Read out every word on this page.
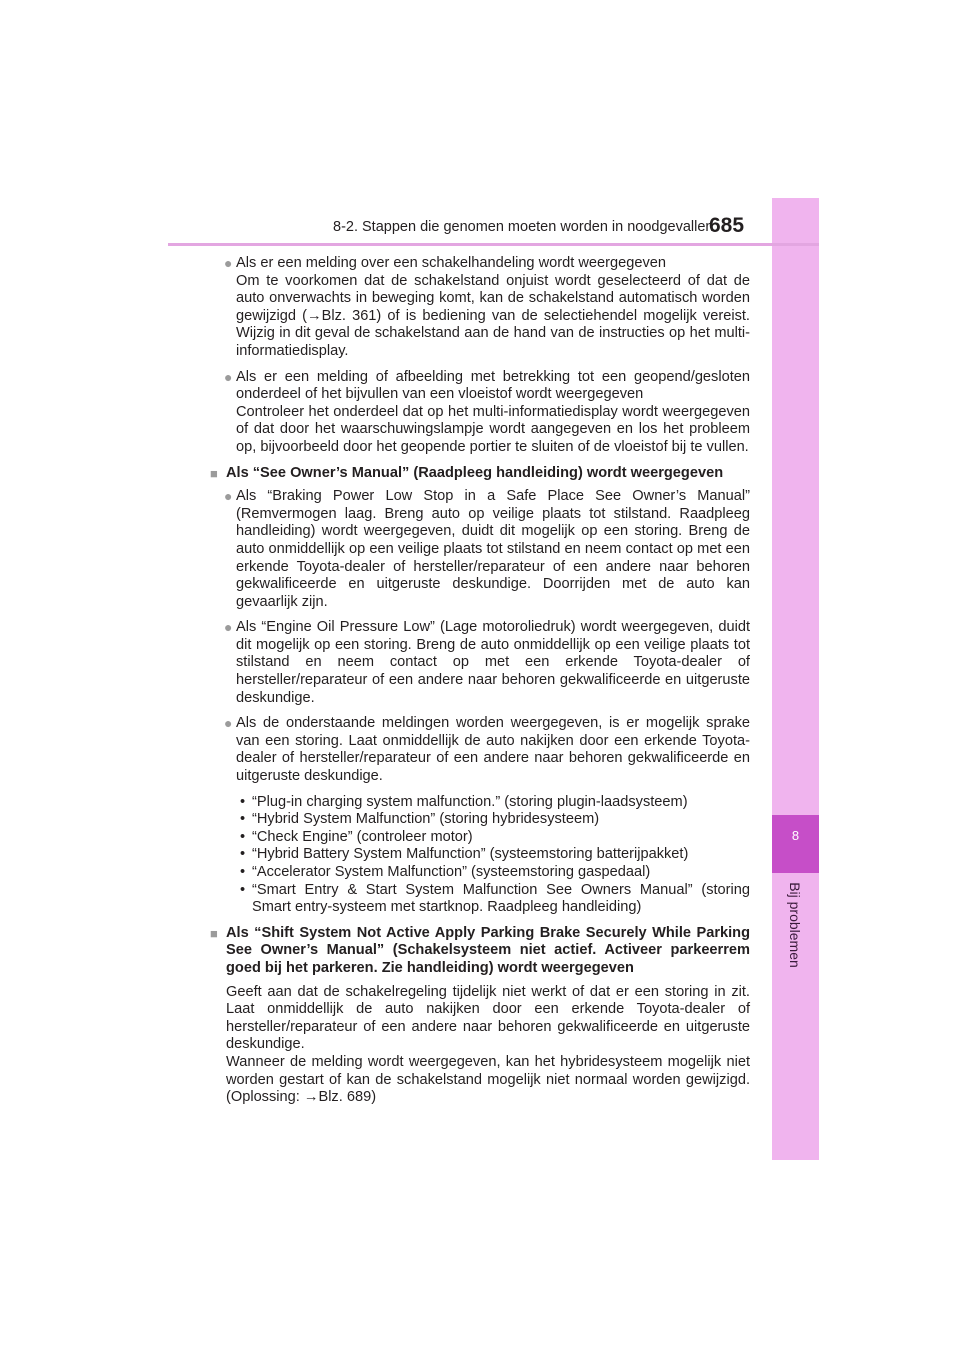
8
Bij problemen
8-2. Stappen die genomen moeten worden in noodgevallen
685
● Als er een melding over een schakelhandeling wordt weergegeven

Om te voorkomen dat de schakelstand onjuist wordt geselecteerd of dat de auto onverwachts in beweging komt, kan de schakelstand automatisch worden gewijzigd (→Blz. 361) of is bediening van de selectiehendel mogelijk vereist. Wijzig in dit geval de schakelstand aan de hand van de instructies op het multi-informatiedisplay.

● Als er een melding of afbeelding met betrekking tot een geopend/gesloten onderdeel of het bijvullen van een vloeistof wordt weergegeven

Controleer het onderdeel dat op het multi-informatiedisplay wordt weergegeven of dat door het waarschuwingslampje wordt aangegeven en los het probleem op, bijvoorbeeld door het geopende portier te sluiten of de vloeistof bij te vullen.

■ Als “See Owner’s Manual” (Raadpleeg handleiding) wordt weergegeven

● Als “Braking Power Low Stop in a Safe Place See Owner’s Manual” (Remvermogen laag. Breng auto op veilige plaats tot stilstand. Raadpleeg handleiding) wordt weergegeven, duidt dit mogelijk op een storing. Breng de auto onmiddellijk op een veilige plaats tot stilstand en neem contact op met een erkende Toyota-dealer of hersteller/reparateur of een andere naar behoren gekwalificeerde en uitgeruste deskundige. Doorrijden met de auto kan gevaarlijk zijn.

● Als “Engine Oil Pressure Low” (Lage motoroliedruk) wordt weergegeven, duidt dit mogelijk op een storing. Breng de auto onmiddellijk op een veilige plaats tot stilstand en neem contact op met een erkende Toyota-dealer of hersteller/reparateur of een andere naar behoren gekwalificeerde en uitgeruste deskundige.

● Als de onderstaande meldingen worden weergegeven, is er mogelijk sprake van een storing. Laat onmiddellijk de auto nakijken door een erkende Toyota-dealer of hersteller/reparateur of een andere naar behoren gekwalificeerde en uitgeruste deskundige.

• “Plug-in charging system malfunction.” (storing plugin-laadsysteem)
• “Hybrid System Malfunction” (storing hybridesysteem)
• “Check Engine” (controleer motor)
• “Hybrid Battery System Malfunction” (systeemstoring batterijpakket)
• “Accelerator System Malfunction” (systeemstoring gaspedaal)
• “Smart Entry & Start System Malfunction See Owners Manual” (storing Smart entry-systeem met startknop. Raadpleeg handleiding)
■ Als “Shift System Not Active Apply Parking Brake Securely While Parking See Owner’s Manual” (Schakelsysteem niet actief. Activeer parkeerrem goed bij het parkeren. Zie handleiding) wordt weergegeven

Geeft aan dat de schakelregeling tijdelijk niet werkt of dat er een storing in zit. Laat onmiddellijk de auto nakijken door een erkende Toyota-dealer of hersteller/reparateur of een andere naar behoren gekwalificeerde en uitgeruste deskundige.

Wanneer de melding wordt weergegeven, kan het hybridesysteem mogelijk niet worden gestart of kan de schakelstand mogelijk niet normaal worden gewijzigd. (Oplossing: →Blz. 689)
